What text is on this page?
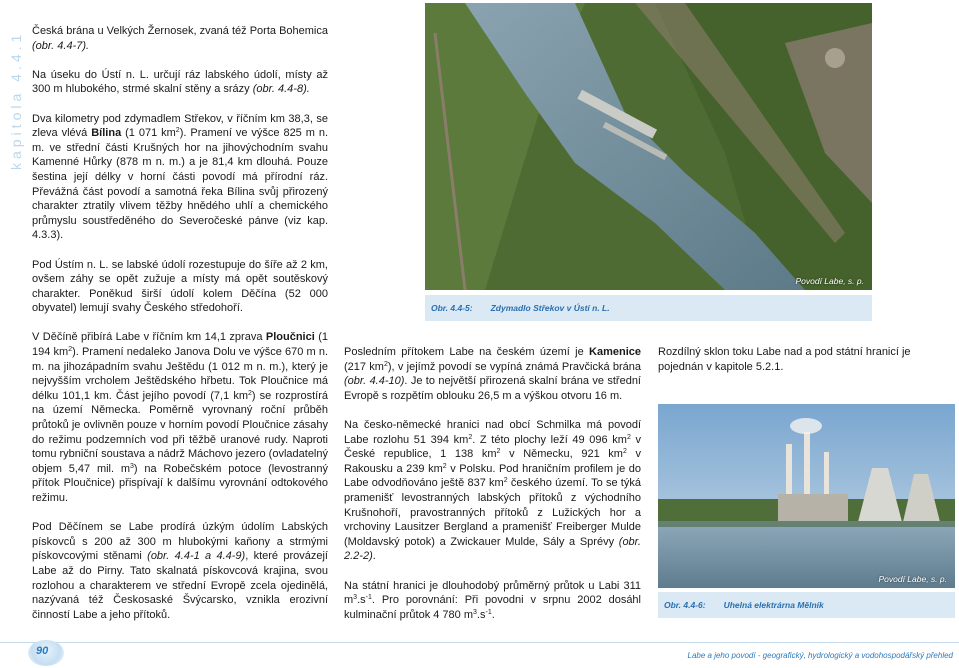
kapitola 4.4.1 Česká brána u Velkých Žernosek, zvaná též Porta Bohemica (obr. 4.4-7).

Na úseku do Ústí n. L. určují ráz labského údolí, místy až 300 m hlubokého, strmé skalní stěny a srázy (obr. 4.4-8).

Dva kilometry pod zdymadlem Střekov, v říčním km 38,3, se zleva vlévá Bílina (1 071 $km^2$). Pramení ve výšce 825 m n. m. ve střední části Krušných hor na jihovýchodním svahu Kamenné Hůrky (878 m n. m.) a je 81,4 km dlouhá. Pouze šestina její délky v horní části povodí má přírodní ráz. Převážná část povodí a samotná řeka Bílina svůj přirozený charakter ztratily vlivem těžby hnědého uhlí a chemického průmyslu soustředěného do Severočeské pánve (viz kap. 4.3.3).

Pod Ústím n. L. se labské údolí rozestupuje do šíře až 2 km, ovšem záhy se opět zužuje a místy má opět soutěskový charakter. Poněkud širší údolí kolem Děčína (52 000 obyvatel) lemují svahy Českého středohoří.

V Děčíně přibírá Labe v říčním km 14,1 zprava Ploučnici (1 194 $km^2$). Pramení nedaleko Janova Dolu ve výšce 670 m n. m. na jihozápadním svahu Ještědu (1 012 m n. m.), který je nejvyšším vrcholem Ještědského hřbetu. Tok Ploučnice má délku 101,1 km. Část jejího povodí (7,1 $km^2$) se rozprostírá na území Německa. Poměrně vyrovnaný roční průběh průtoků je ovlivněn pouze v horním povodí Ploučnice zásahy do režimu podzemních vod při těžbě uranové rudy. Naproti tomu rybniční soustava a nádrž Máchovo jezero (ovladatelný objem 5,47 mil. $m^3$) na Robečském potoce (levostranný přítok Ploučnice) přispívají k dalšímu vyrovnání odtokového režimu.

Pod Děčínem se Labe prodírá úzkým údolím Labských pískovců s 200 až 300 m hlubokými kaňony a strmými pískovcovými stěnami (obr. 4.4-1 a 4.4-9), které provázejí Labe až do Pirny. Tato skalnatá pískovcová krajina, svou rozlohou a charakterem ve střední Evropě zcela ojedinělá, nazývaná též Českosaské Švýcarsko, vznikla erozivní činností Labe a jeho přítoků.

Povodí Labe, s. p.
Obr. 4.4-5: Zdymadlo Střekov v Ústí n. L.

Posledním přítokem Labe na českém území je Kamenice (217 $km^2$), v jejímž povodí se vypíná známá Pravčická brána (obr. 4.4-10). Je to největší přirozená skalní brána ve střední Evropě s rozpětím oblouku 26,5 m a výškou otvoru 16 m.

Na česko-německé hranici nad obcí Schmilka má povodí Labe rozlohu 51 394 $km^2$. Z této plochy leží 49 096 $km^2$ v České republice, 1 138 $km^2$ v Německu, 921 $km^2$ v Rakousku a 239 $km^2$ v Polsku. Pod hraničním profilem je do Labe odvodňováno ještě 837 $km^2$ českého území. To se týká pramenišť levostranných labských přítoků z východního Krušnohoří, pravostranných přítoků z Lužických hor a vrchoviny Lausitzer Bergland a pramenišť Freiberger Mulde (Moldavský potok) a Zwickauer Mulde, Sály a Sprévy (obr. 2.2-2).

Na státní hranici je dlouhodobý průměrný průtok u Labi 311 $m^3.s^{-1}$. Pro porovnání: Při povodni v srpnu 2002 dosáhl kulminační průtok 4 780 $m^3.s^{-1}$.

Rozdílný sklon toku Labe nad a pod státní hranicí je pojednán v kapitole 5.2.1.

Povodí Labe, s. p.
Obr. 4.4-6: Uhelná elektrárna Mělník
90	Labe a jeho povodí - geografický, hydrologický a vodohospodářský přehled
